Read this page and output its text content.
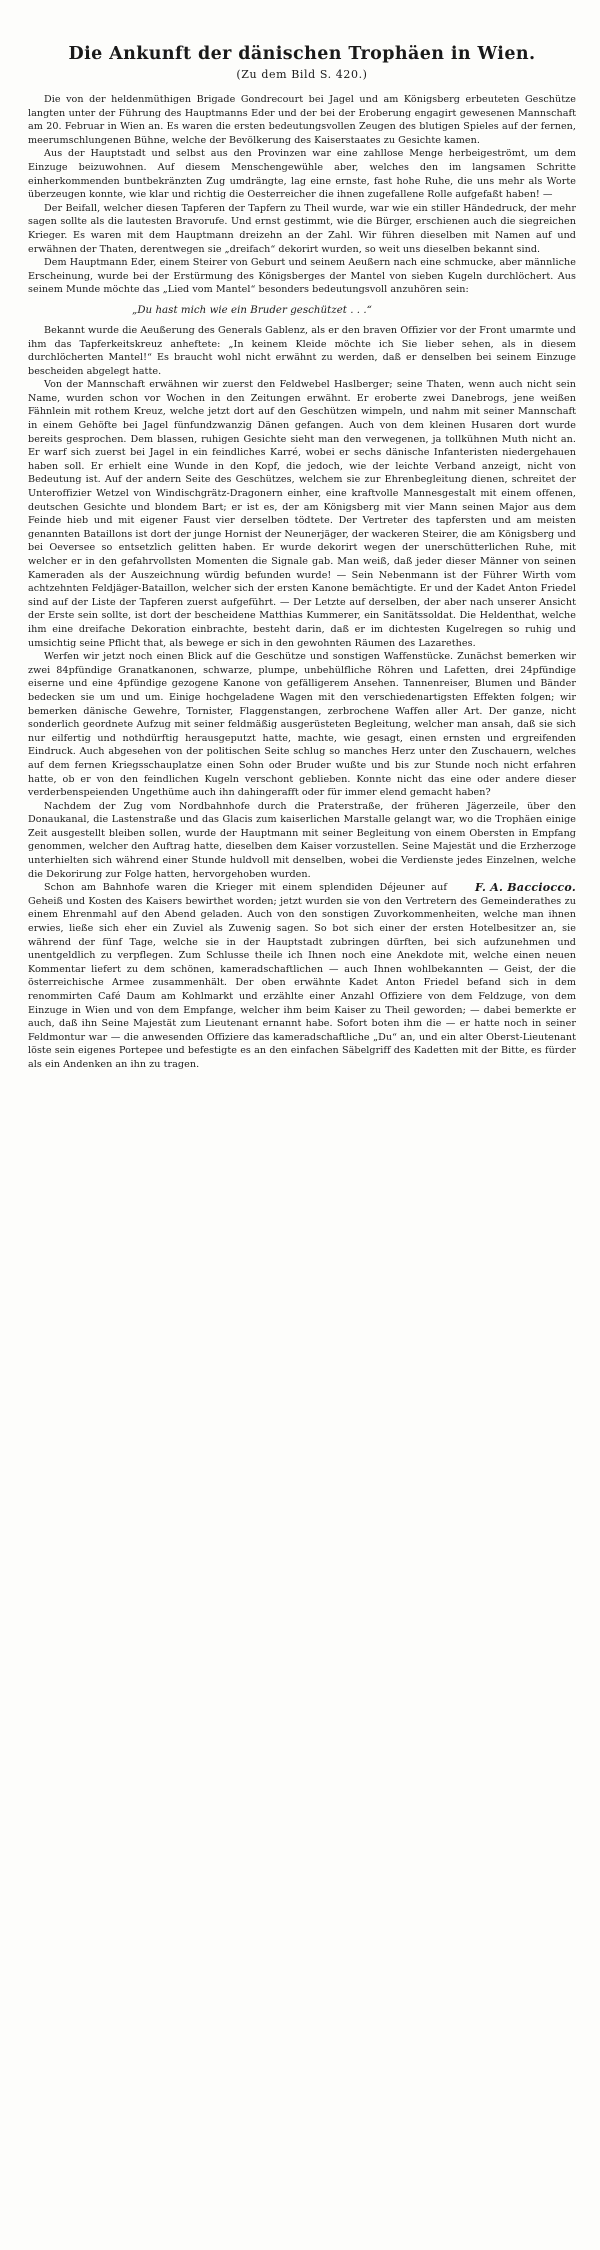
Die Ankunft der dänischen Trophäen in Wien.
(Zu dem Bild S. 420.)

Die von der heldenmüthigen Brigade Gondrecourt bei Jagel und am Königsberg erbeuteten Geschütze langten unter der Führung des Hauptmanns Eder und der bei der Eroberung engagirt gewesenen Mannschaft am 20. Februar in Wien an. Es waren die ersten bedeutungsvollen Zeugen des blutigen Spieles auf der fernen, meerumschlungenen Bühne, welche der Bevölkerung des Kaiserstaates zu Gesichte kamen.

Aus der Hauptstadt und selbst aus den Provinzen war eine zahllose Menge herbeigeströmt, um dem Einzuge beizuwohnen. Auf diesem Menschengewühle aber, welches den im langsamen Schritte einherkommenden buntbekränzten Zug umdrängte, lag eine ernste, fast hohe Ruhe, die uns mehr als Worte überzeugen konnte, wie klar und richtig die Oesterreicher die ihnen zugefallene Rolle aufgefaßt haben! —

Der Beifall, welcher diesen Tapferen der Tapfern zu Theil wurde, war wie ein stiller Händedruck, der mehr sagen sollte als die lautesten Bravorufe. Und ernst gestimmt, wie die Bürger, erschienen auch die siegreichen Krieger. Es waren mit dem Hauptmann dreizehn an der Zahl. Wir führen dieselben mit Namen auf und erwähnen der Thaten, derentwegen sie „dreifach“ dekorirt wurden, so weit uns dieselben bekannt sind.

Dem Hauptmann Eder, einem Steirer von Geburt und seinem Aeußern nach eine schmucke, aber männliche Erscheinung, wurde bei der Erstürmung des Königsberges der Mantel von sieben Kugeln durchlöchert. Aus seinem Munde möchte das „Lied vom Mantel“ besonders bedeutungsvoll anzuhören sein:

„Du hast mich wie ein Bruder geschützet . . .“

Bekannt wurde die Aeußerung des Generals Gablenz, als er den braven Offizier vor der Front umarmte und ihm das Tapferkeitskreuz anheftete: „In keinem Kleide möchte ich Sie lieber sehen, als in diesem durchlöcherten Mantel!“ Es braucht wohl nicht erwähnt zu werden, daß er denselben bei seinem Einzuge bescheiden abgelegt hatte.

Von der Mannschaft erwähnen wir zuerst den Feldwebel Haslberger; seine Thaten, wenn auch nicht sein Name, wurden schon vor Wochen in den Zeitungen erwähnt. Er eroberte zwei Danebrogs, jene weißen Fähnlein mit rothem Kreuz, welche jetzt dort auf den Geschützen wimpeln, und nahm mit seiner Mannschaft in einem Gehöfte bei Jagel fünfundzwanzig Dänen gefangen. Auch von dem kleinen Husaren dort wurde bereits gesprochen. Dem blassen, ruhigen Gesichte sieht man den verwegenen, ja tollkühnen Muth nicht an. Er warf sich zuerst bei Jagel in ein feindliches Karré, wobei er sechs dänische Infanteristen niedergehauen haben soll. Er erhielt eine Wunde in den Kopf, die jedoch, wie der leichte Verband anzeigt, nicht von Bedeutung ist. Auf der andern Seite des Geschützes, welchem sie zur Ehrenbegleitung dienen, schreitet der Unteroffizier Wetzel von Windischgrätz-Dragonern einher, eine kraftvolle Mannesgestalt mit einem offenen, deutschen Gesichte und blondem Bart; er ist es, der am Königsberg mit vier Mann seinen Major aus dem Feinde hieb und mit eigener Faust vier derselben tödtete. Der Vertreter des tapfersten und am meisten genannten Bataillons ist dort der junge Hornist der Neunerjäger, der wackeren Steirer, die am Königsberg und bei Oeversee so entsetzlich gelitten haben. Er wurde dekorirt wegen der unerschütterlichen Ruhe, mit welcher er in den gefahrvollsten Momenten die Signale gab. Man weiß, daß jeder dieser Männer von seinen Kameraden als der Auszeichnung würdig befunden wurde! — Sein Nebenmann ist der Führer Wirth vom achtzehnten Feldjäger-Bataillon, welcher sich der ersten Kanone bemächtigte. Er und der Kadet Anton Friedel sind auf der Liste der Tapferen zuerst aufgeführt. — Der Letzte auf derselben, der aber nach unserer Ansicht der Erste sein sollte, ist dort der bescheidene Matthias Kummerer, ein Sanitätssoldat. Die Heldenthat, welche ihm eine dreifache Dekoration einbrachte, besteht darin, daß er im dichtesten Kugelregen so ruhig und umsichtig seine Pflicht that, als bewege er sich in den gewohnten Räumen des Lazarethes.

Werfen wir jetzt noch einen Blick auf die Geschütze und sonstigen Waffenstücke. Zunächst bemerken wir zwei 84pfündige Granatkanonen, schwarze, plumpe, unbehülfliche Röhren und Lafetten, drei 24pfündige eiserne und eine 4pfündige gezogene Kanone von gefälligerem Ansehen. Tannenreiser, Blumen und Bänder bedecken sie um und um. Einige hochgeladene Wagen mit den verschiedenartigsten Effekten folgen; wir bemerken dänische Gewehre, Tornister, Flaggenstangen, zerbrochene Waffen aller Art. Der ganze, nicht sonderlich geordnete Aufzug mit seiner feldmäßig ausgerüsteten Begleitung, welcher man ansah, daß sie sich nur eilfertig und nothdürftig herausgeputzt hatte, machte, wie gesagt, einen ernsten und ergreifenden Eindruck. Auch abgesehen von der politischen Seite schlug so manches Herz unter den Zuschauern, welches auf dem fernen Kriegsschauplatze einen Sohn oder Bruder wußte und bis zur Stunde noch nicht erfahren hatte, ob er von den feindlichen Kugeln verschont geblieben. Konnte nicht das eine oder andere dieser verderbenspeienden Ungethüme auch ihn dahingerafft oder für immer elend gemacht haben?

Nachdem der Zug vom Nordbahnhofe durch die Praterstraße, der früheren Jägerzeile, über den Donaukanal, die Lastenstraße und das Glacis zum kaiserlichen Marstalle gelangt war, wo die Trophäen einige Zeit ausgestellt bleiben sollen, wurde der Hauptmann mit seiner Begleitung von einem Obersten in Empfang genommen, welcher den Auftrag hatte, dieselben dem Kaiser vorzustellen. Seine Majestät und die Erzherzoge unterhielten sich während einer Stunde huldvoll mit denselben, wobei die Verdienste jedes Einzelnen, welche die Dekorirung zur Folge hatten, hervorgehoben wurden.

F. A. Bacciocco.
Schon am Bahnhofe waren die Krieger mit einem splendiden Déjeuner auf Geheiß und Kosten des Kaisers bewirthet worden; jetzt wurden sie von den Vertretern des Gemeinderathes zu einem Ehrenmahl auf den Abend geladen. Auch von den sonstigen Zuvorkommenheiten, welche man ihnen erwies, ließe sich eher ein Zuviel als Zuwenig sagen. So bot sich einer der ersten Hotelbesitzer an, sie während der fünf Tage, welche sie in der Hauptstadt zubringen dürften, bei sich aufzunehmen und unentgeldlich zu verpflegen. Zum Schlusse theile ich Ihnen noch eine Anekdote mit, welche einen neuen Kommentar liefert zu dem schönen, kameradschaftlichen — auch Ihnen wohlbekannten — Geist, der die österreichische Armee zusammenhält. Der oben erwähnte Kadet Anton Friedel befand sich in dem renommirten Café Daum am Kohlmarkt und erzählte einer Anzahl Offiziere von dem Feldzuge, von dem Einzuge in Wien und von dem Empfange, welcher ihm beim Kaiser zu Theil geworden; — dabei bemerkte er auch, daß ihn Seine Majestät zum Lieutenant ernannt habe. Sofort boten ihm die — er hatte noch in seiner Feldmontur war — die anwesenden Offiziere das kameradschaftliche „Du“ an, und ein alter Oberst-Lieutenant löste sein eigenes Portepee und befestigte es an den einfachen Säbelgriff des Kadetten mit der Bitte, es fürder als ein Andenken an ihn zu tragen.
